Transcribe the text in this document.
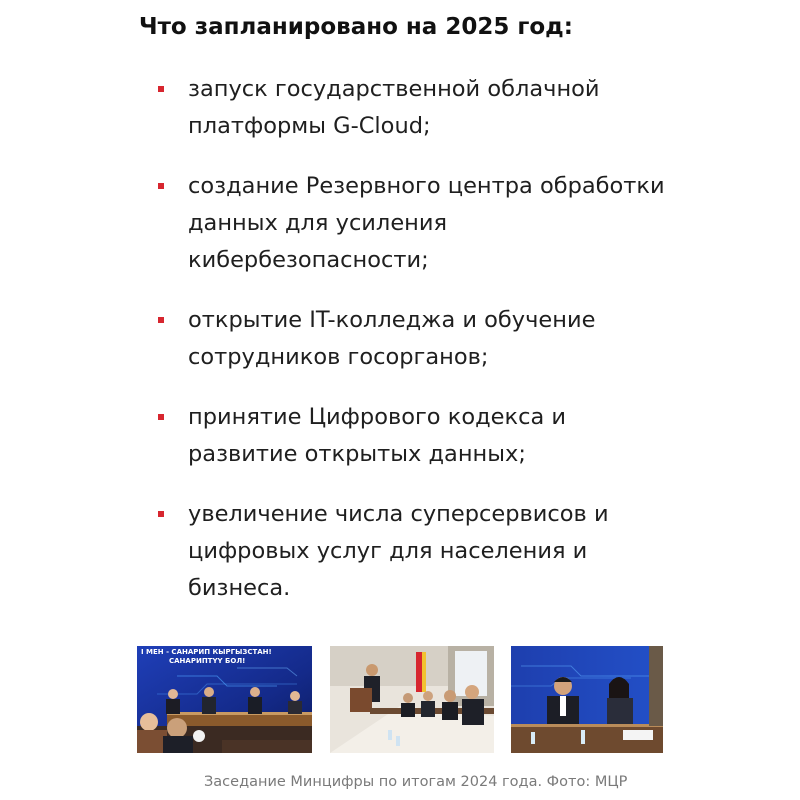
Что запланировано на 2025 год:
запуск государственной облачной платформы G-Cloud;
создание Резервного центра обработки данных для усиления кибербезопасности;
открытие IT-колледжа и обучение сотрудников госорганов;
принятие Цифрового кодекса и развитие открытых данных;
увеличение числа суперсервисов и цифровых услуг для населения и бизнеса.
I МЕН - САНАРИП КЫРГЫЗСТАН!
САНАРИПТҮҮ БОЛ!
Заседание Минцифры по итогам 2024 года. Фото: МЦР
